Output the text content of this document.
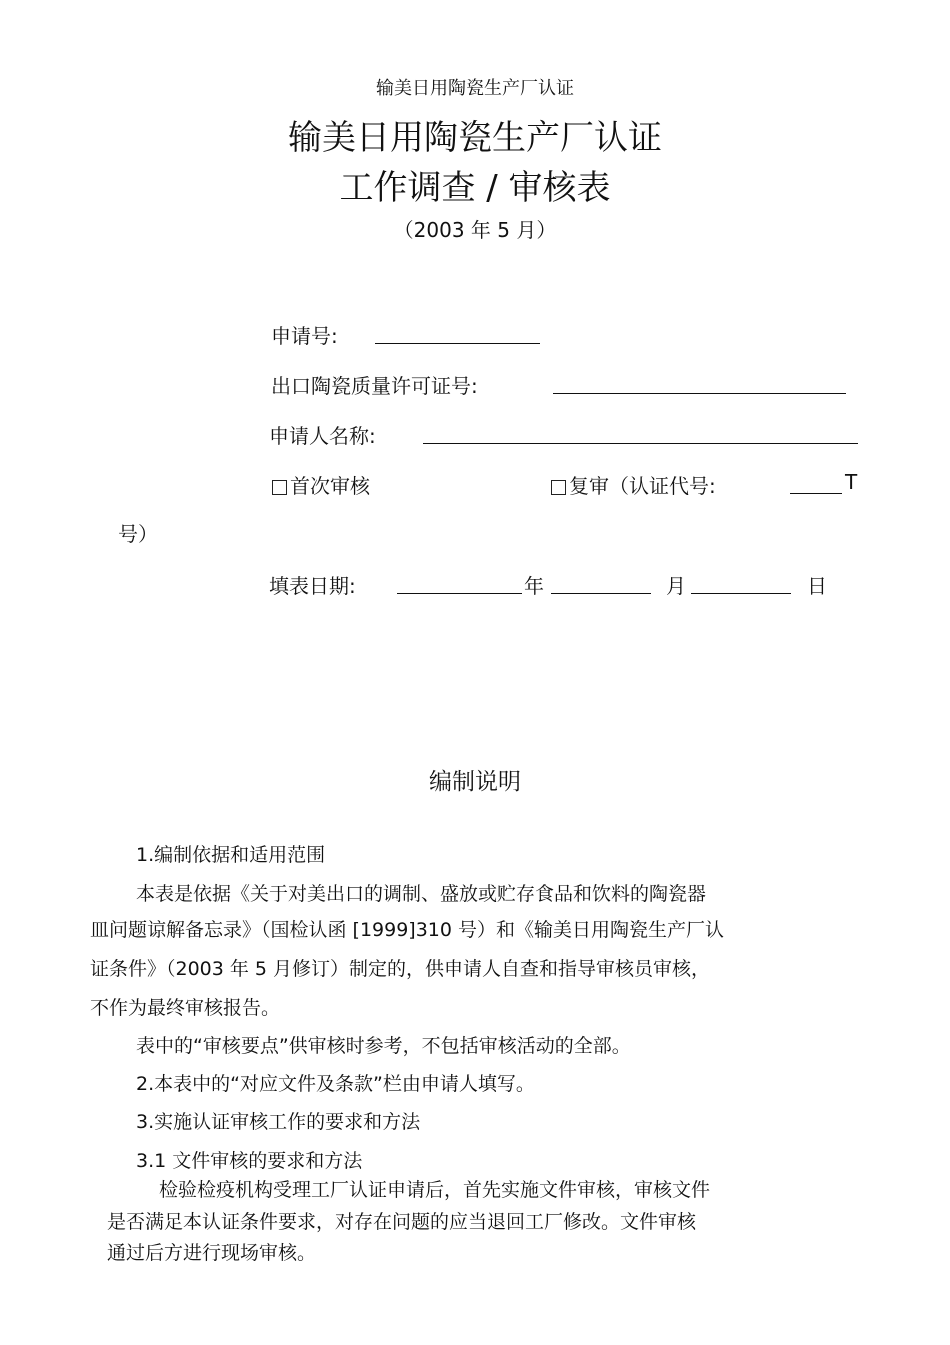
输美日用陶瓷生产厂认证
输美日用陶瓷生产厂认证
工作调查 / 审核表
（2003 年 5 月）
申请号:
出口陶瓷质量许可证号:
申请人名称:
首次审核	复审（认证代号:	T
号）
填表日期:	年	月	日
编制说明
1.编制依据和适用范围
本表是依据《关于对美出口的调制、盛放或贮存食品和饮料的陶瓷器
皿问题谅解备忘录》（国检认函 [1999]310 号）和《输美日用陶瓷生产厂认
证条件》（2003 年 5 月修订）制定的，供申请人自查和指导审核员审核，
不作为最终审核报告。
表中的“审核要点”供审核时参考，不包括审核活动的全部。
2.本表中的“对应文件及条款”栏由申请人填写。
3.实施认证审核工作的要求和方法
3.1 文件审核的要求和方法
检验检疫机构受理工厂认证申请后，首先实施文件审核，审核文件
是否满足本认证条件要求，对存在问题的应当退回工厂修改。文件审核
通过后方进行现场审核。
